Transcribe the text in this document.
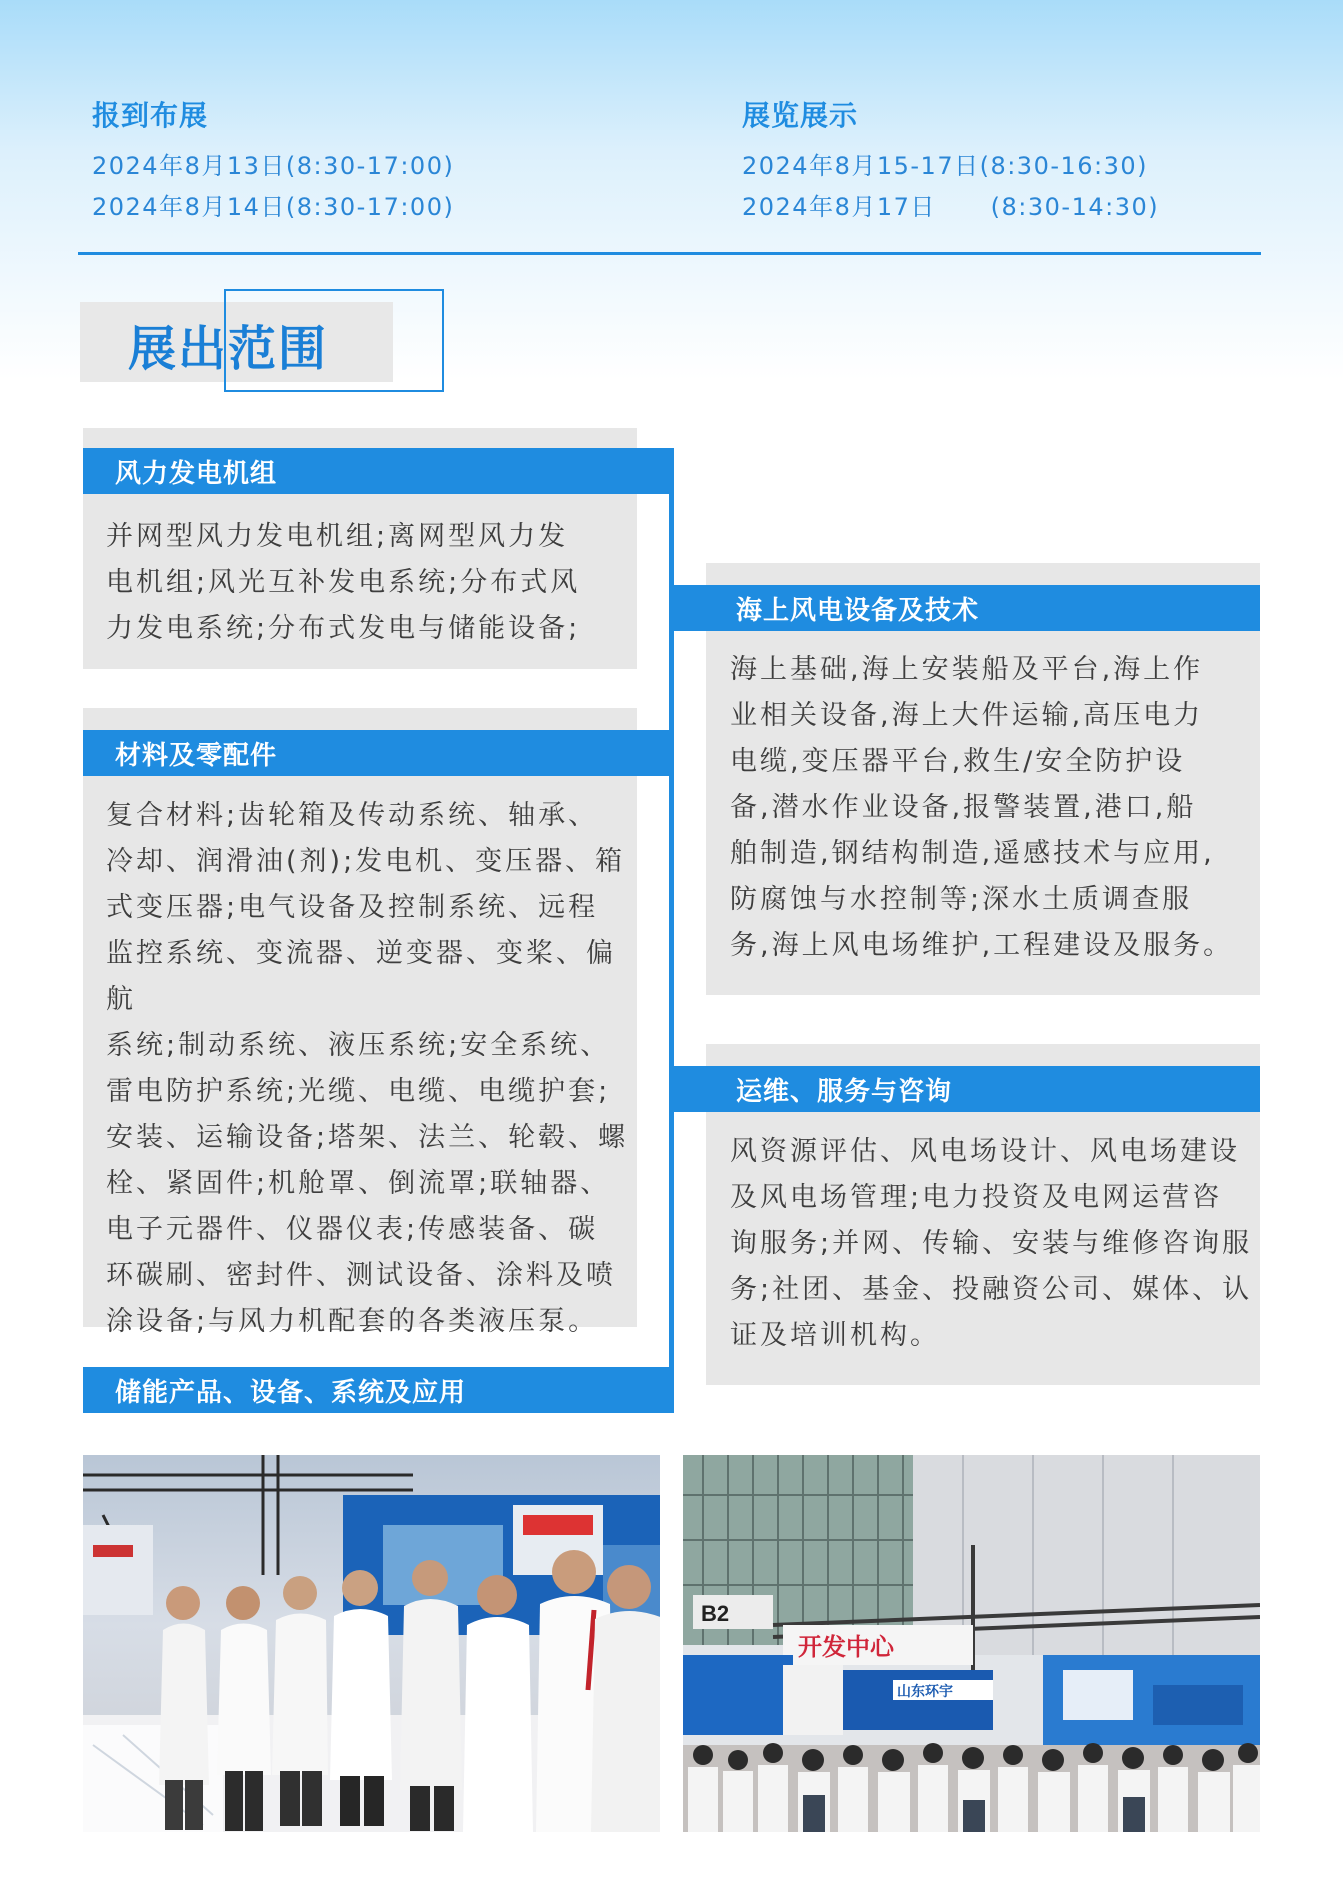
报到布展
2024年8月13日(8:30-17:00)
2024年8月14日(8:30-17:00)
展览展示
2024年8月15-17日(8:30-16:30)
2024年8月17日      (8:30-14:30)
展出范围
风力发电机组
并网型风力发电机组;离网型风力发
电机组;风光互补发电系统;分布式风
力发电系统;分布式发电与储能设备;
材料及零配件
复合材料;齿轮箱及传动系统、轴承、
冷却、润滑油(剂);发电机、变压器、箱
式变压器;电气设备及控制系统、远程
监控系统、变流器、逆变器、变桨、偏航
系统;制动系统、液压系统;安全系统、
雷电防护系统;光缆、电缆、电缆护套;
安装、运输设备;塔架、法兰、轮毂、螺
栓、紧固件;机舱罩、倒流罩;联轴器、
电子元器件、仪器仪表;传感装备、碳
环碳刷、密封件、测试设备、涂料及喷
涂设备;与风力机配套的各类液压泵。
储能产品、设备、系统及应用
海上风电设备及技术
海上基础,海上安装船及平台,海上作
业相关设备,海上大件运输,高压电力
电缆,变压器平台,救生/安全防护设
备,潜水作业设备,报警装置,港口,船
舶制造,钢结构制造,遥感技术与应用,
防腐蚀与水控制等;深水土质调查服
务,海上风电场维护,工程建设及服务。
运维、服务与咨询
风资源评估、风电场设计、风电场建设
及风电场管理;电力投资及电网运营咨
询服务;并网、传输、安装与维修咨询服
务;社团、基金、投融资公司、媒体、认
证及培训机构。
B2
开发中心
山东环宇
